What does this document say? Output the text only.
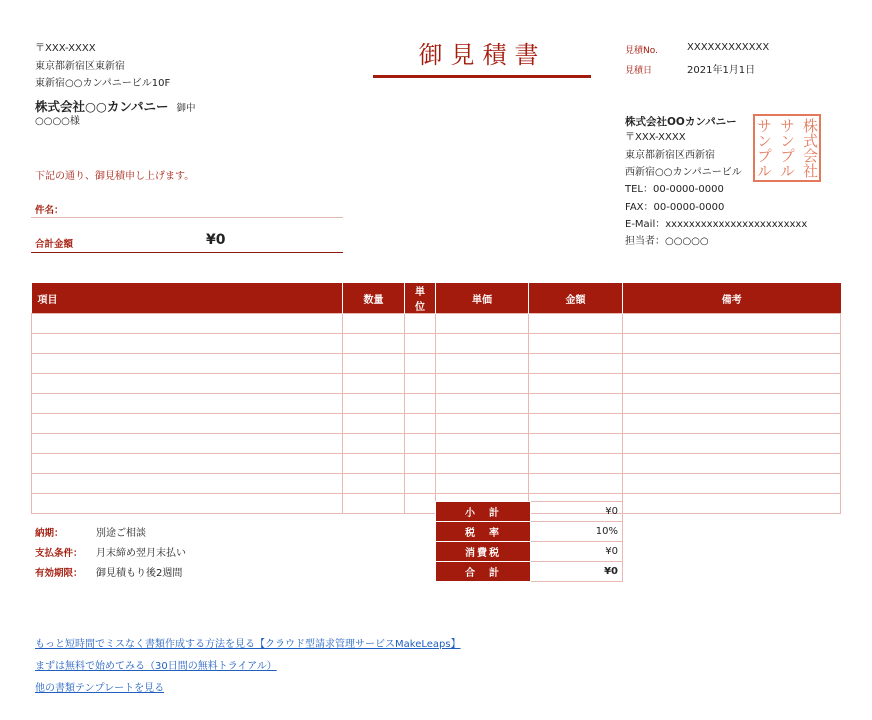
〒XXX-XXXX
東京都新宿区東新宿
東新宿○○カンパニービル10F
株式会社○○カンパニー 御中
○○○○様
御見積書	見積No.	XXXXXXXXXXXX
見積日	2021年1月1日
株式会社OOカンパニー
〒XXX-XXXX
東京都新宿区西新宿
西新宿○○カンパニービル
TEL：00-0000-0000
FAX：00-0000-0000
E-Mail：xxxxxxxxxxxxxxxxxxxxxxxx
担当者：○○○○○
株式会社
サンプル
サンプル
下記の通り、御見積申し上げます。
件名：
合計金額	¥0
項目	数量	単位	単価	金額	備考

小　計	¥0
税　率	10%
消費税	¥0
合　計	¥0
納期：	別途ご相談
支払条件： 月末締め翌月末払い
有効期限： 御見積もり後2週間
もっと短時間でミスなく書類作成する方法を見る【クラウド型請求管理サービスMakeLeaps】
まずは無料で始めてみる（30日間の無料トライアル）
他の書類テンプレートを見る
